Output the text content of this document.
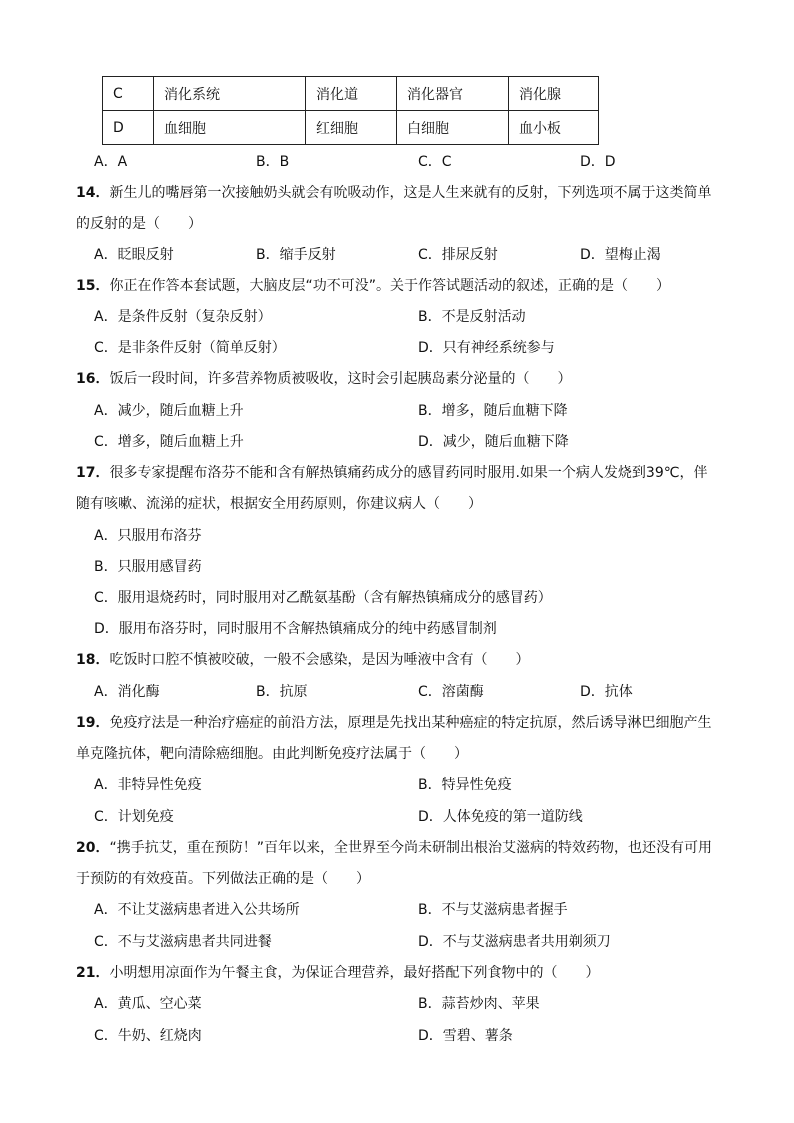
C	消化系统	消化道	消化器官	消化腺
D	血细胞	红细胞	白细胞	血小板
A．A	B．B	C．C	D．D
14．新生儿的嘴唇第一次接触奶头就会有吮吸动作，这是人生来就有的反射，下列选项不属于这类简单
的反射的是（　　）
A．眨眼反射	B．缩手反射	C．排尿反射	D．望梅止渴
15．你正在作答本套试题，大脑皮层“功不可没”。关于作答试题活动的叙述，正确的是（　　）
A．是条件反射（复杂反射）	B．不是反射活动
C．是非条件反射（简单反射）	D．只有神经系统参与
16．饭后一段时间，许多营养物质被吸收，这时会引起胰岛素分泌量的（　　）
A．减少，随后血糖上升	B．增多，随后血糖下降
C．增多，随后血糖上升	D．减少，随后血糖下降
17．很多专家提醒布洛芬不能和含有解热镇痛药成分的感冒药同时服用.如果一个病人发烧到39℃，伴
随有咳嗽、流涕的症状，根据安全用药原则，你建议病人（　　）
A．只服用布洛芬
B．只服用感冒药
C．服用退烧药时，同时服用对乙酰氨基酚（含有解热镇痛成分的感冒药）
D．服用布洛芬时，同时服用不含解热镇痛成分的纯中药感冒制剂
18．吃饭时口腔不慎被咬破，一般不会感染，是因为唾液中含有（　　）
A．消化酶	B．抗原	C．溶菌酶	D．抗体
19．免疫疗法是一种治疗癌症的前沿方法，原理是先找出某种癌症的特定抗原，然后诱导淋巴细胞产生
单克隆抗体，靶向清除癌细胞。由此判断免疫疗法属于（　　）
A．非特异性免疫	B．特异性免疫
C．计划免疫	D．人体免疫的第一道防线
20．“携手抗艾，重在预防！”百年以来，全世界至今尚未研制出根治艾滋病的特效药物，也还没有可用
于预防的有效疫苗。下列做法正确的是（　　）
A．不让艾滋病患者进入公共场所	B．不与艾滋病患者握手
C．不与艾滋病患者共同进餐	D．不与艾滋病患者共用剃须刀
21．小明想用凉面作为午餐主食，为保证合理营养，最好搭配下列食物中的（　　）
A．黄瓜、空心菜	B．蒜苔炒肉、苹果
C．牛奶、红烧肉	D．雪碧、薯条
